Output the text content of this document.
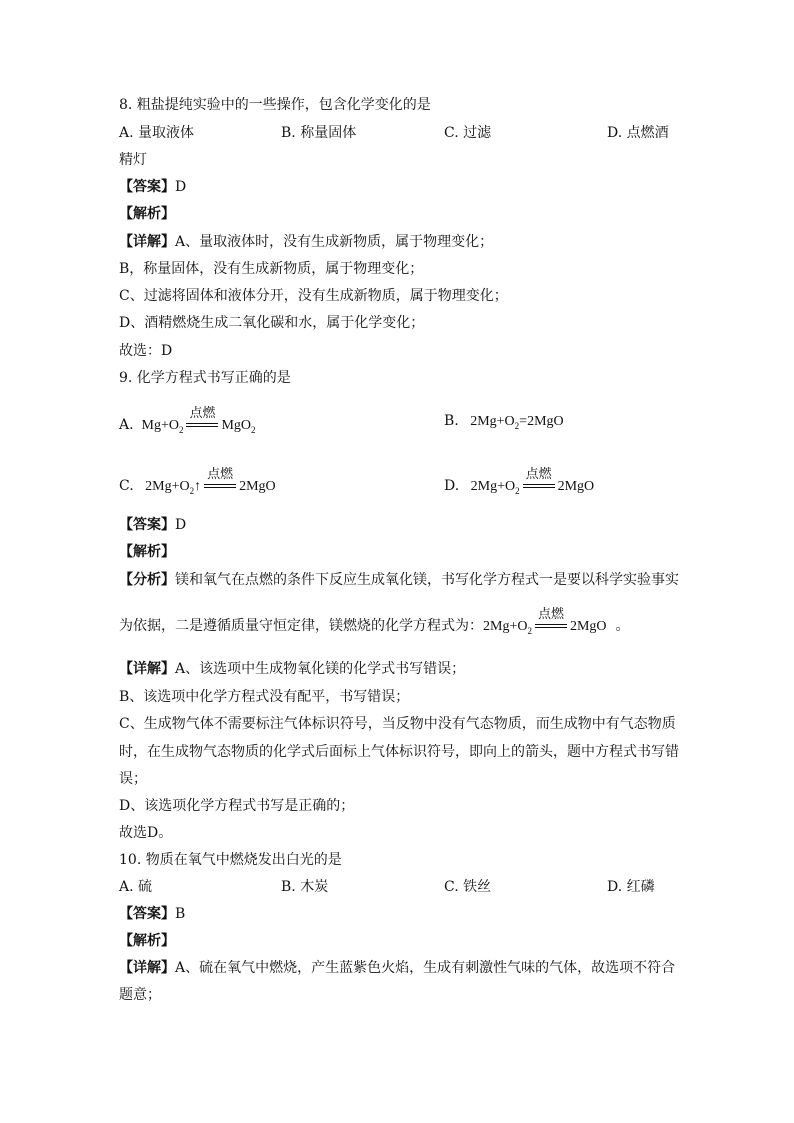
8. 粗盐提纯实验中的一些操作，包含化学变化的是
A. 量取液体	B. 称量固体	C. 过滤	D. 点燃酒
精灯
【答案】D
【解析】
【详解】A、量取液体时，没有生成新物质，属于物理变化；
B，称量固体，没有生成新物质，属于物理变化；
C、过滤将固体和液体分开，没有生成新物质，属于物理变化；
D、酒精燃烧生成二氧化碳和水，属于化学变化；
故选：D
9. 化学方程式书写正确的是
A. $Mg+O_2$
点燃
MgO$_2$
B. $2Mg+O_2=2MgO$
C. $2Mg+O_2↑$
点燃
2MgO	D. $2Mg+O_2$
点燃
2MgO
【答案】D
【解析】
【分析】镁和氧气在点燃的条件下反应生成氧化镁，书写化学方程式一是要以科学实验事实
为依据，二是遵循质量守恒定律，镁燃烧的化学方程式为：$2Mg+O_2$
点燃
2MgO 。
【详解】A、该选项中生成物氧化镁的化学式书写错误；
B、该选项中化学方程式没有配平，书写错误；
C、生成物气体不需要标注气体标识符号，当反物中没有气态物质，而生成物中有气态物质
时，在生成物气态物质的化学式后面标上气体标识符号，即向上的箭头，题中方程式书写错
误；
D、该选项化学方程式书写是正确的；
故选D。
10. 物质在氧气中燃烧发出白光的是
A. 硫	B. 木炭	C. 铁丝	D. 红磷
【答案】B
【解析】
【详解】A、硫在氧气中燃烧，产生蓝紫色火焰，生成有刺激性气味的气体，故选项不符合
题意；
